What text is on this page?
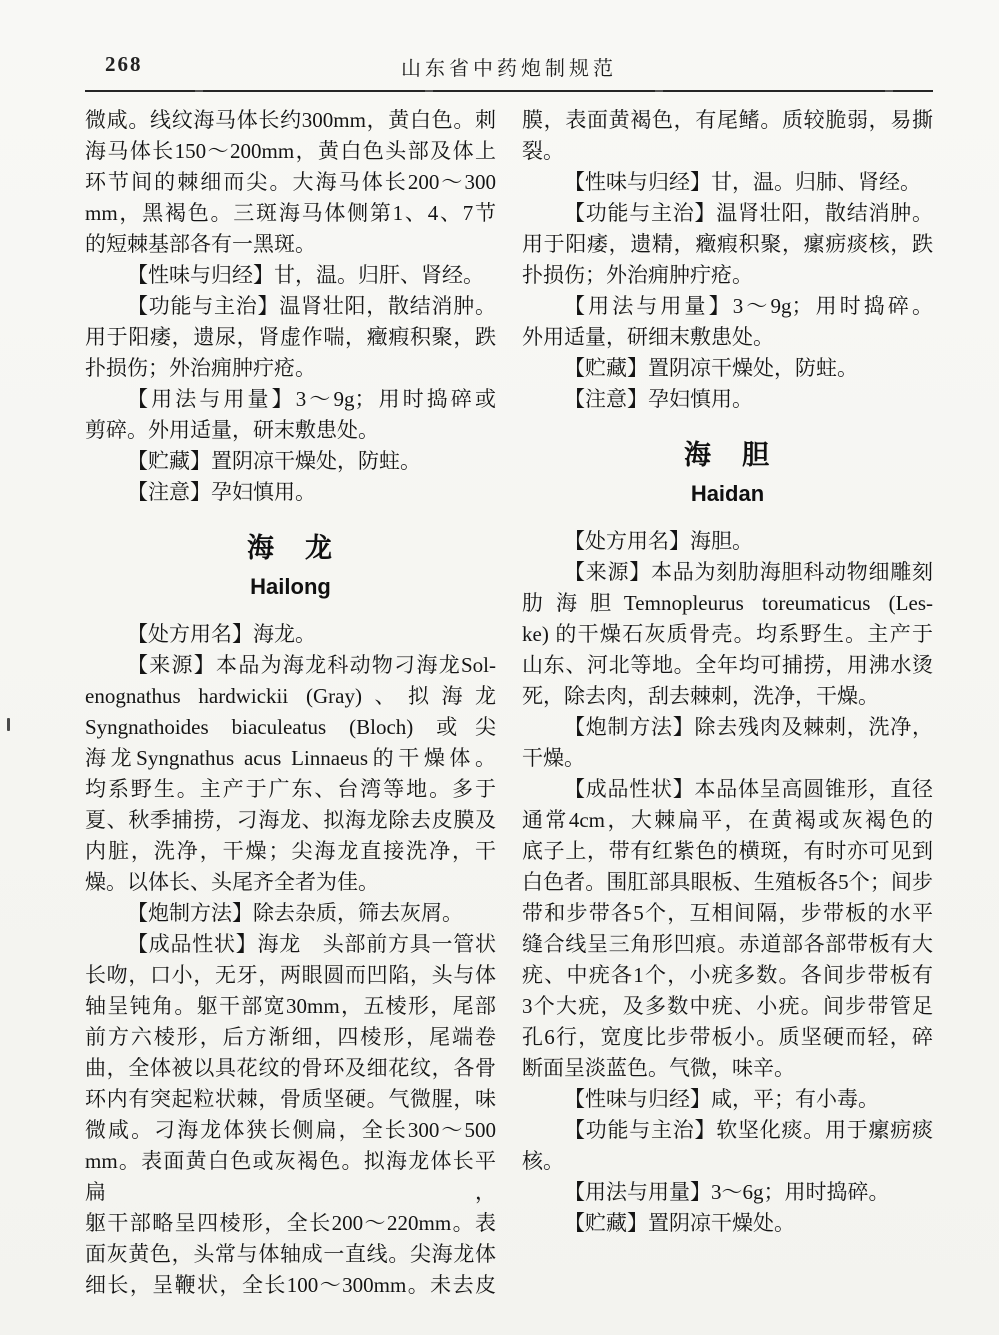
268	山东省中药炮制规范
微咸。线纹海马体长约300mm，黄白色。刺
海马体长150～200mm，黄白色头部及体上
环节间的棘细而尖。大海马体长200～300
mm，黑褐色。三斑海马体侧第1、4、7节
的短棘基部各有一黑斑。
【性味与归经】甘，温。归肝、肾经。
【功能与主治】温肾壮阳，散结消肿。
用于阳痿，遗尿，肾虚作喘，癥瘕积聚，跌
扑损伤；外治痈肿疔疮。
【用法与用量】3～9g；用时捣碎或
剪碎。外用适量，研末敷患处。
【贮藏】置阴凉干燥处，防蛀。
【注意】孕妇慎用。
海　龙
Hailong
【处方用名】海龙。
【来源】本品为海龙科动物刁海龙Sol-
enognathus hardwickii (Gray)、拟海龙
Syngnathoides biaculeatus (Bloch) 或尖
海龙Syngnathus acus Linnaeus的干燥体。
均系野生。主产于广东、台湾等地。多于
夏、秋季捕捞，刁海龙、拟海龙除去皮膜及
内脏，洗净，干燥；尖海龙直接洗净，干
燥。以体长、头尾齐全者为佳。
【炮制方法】除去杂质，筛去灰屑。
【成品性状】海龙　头部前方具一管状
长吻，口小，无牙，两眼圆而凹陷，头与体
轴呈钝角。躯干部宽30mm，五棱形，尾部
前方六棱形，后方渐细，四棱形，尾端卷
曲，全体被以具花纹的骨环及细花纹，各骨
环内有突起粒状棘，骨质坚硬。气微腥，味
微咸。刁海龙体狭长侧扁，全长300～500
mm。表面黄白色或灰褐色。拟海龙体长平扁，
躯干部略呈四棱形，全长200～220mm。表
面灰黄色，头常与体轴成一直线。尖海龙体
细长，呈鞭状，全长100～300mm。未去皮
膜，表面黄褐色，有尾鳍。质较脆弱，易撕
裂。
【性味与归经】甘，温。归肺、肾经。
【功能与主治】温肾壮阳，散结消肿。
用于阳痿，遗精，癥瘕积聚，瘰疬痰核，跌
扑损伤；外治痈肿疔疮。
【用法与用量】3～9g；用时捣碎。
外用适量，研细末敷患处。
【贮藏】置阴凉干燥处，防蛀。
【注意】孕妇慎用。
海　胆
Haidan
【处方用名】海胆。
【来源】本品为刻肋海胆科动物细雕刻
肋海胆Temnopleurus toreumaticus (Les-
ke) 的干燥石灰质骨壳。均系野生。主产于
山东、河北等地。全年均可捕捞，用沸水烫
死，除去肉，刮去棘刺，洗净，干燥。
【炮制方法】除去残肉及棘刺，洗净，
干燥。
【成品性状】本品体呈高圆锥形，直径
通常4cm，大棘扁平，在黄褐或灰褐色的
底子上，带有红紫色的横斑，有时亦可见到
白色者。围肛部具眼板、生殖板各5个；间步
带和步带各5个，互相间隔，步带板的水平
缝合线呈三角形凹痕。赤道部各部带板有大
疣、中疣各1个，小疣多数。各间步带板有
3个大疣，及多数中疣、小疣。间步带管足
孔6行，宽度比步带板小。质坚硬而轻，碎
断面呈淡蓝色。气微，味辛。
【性味与归经】咸，平；有小毒。
【功能与主治】软坚化痰。用于瘰疬痰
核。
【用法与用量】3～6g；用时捣碎。
【贮藏】置阴凉干燥处。
